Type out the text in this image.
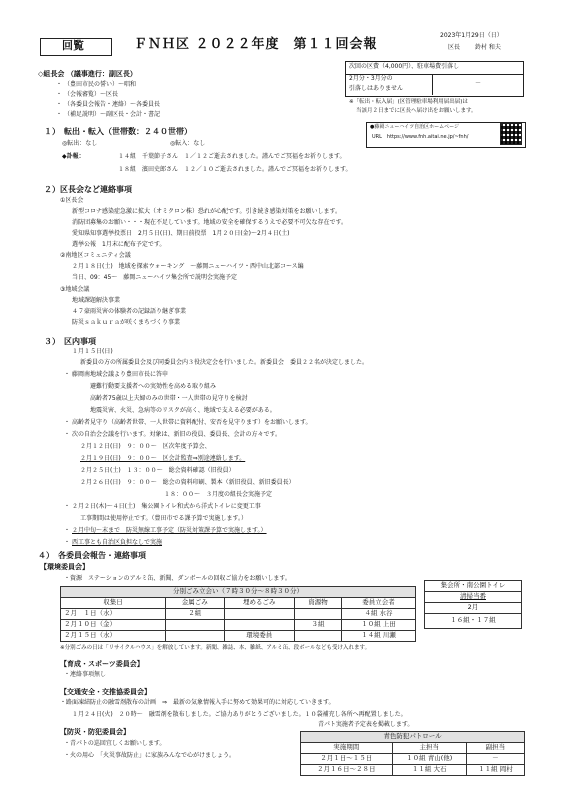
回覧	ＦＮＨ区 ２０２２年度　第１１回会報
2023年1月29日（日）
区長 鈴村 和夫
次回の区費（4,000円）、駐車場費引落し
2月分・3月分の
引落しはありません
－
※「転出・転入届」(区管理駐車場利用届出届)は
当該月２日までに区長へ届け出をお願いします。
●藤岡ニューハイツ自治区ホームページ
URL　https://www.fnh.aitai.ne.jp/~fnh/
◇組長会 （議事進行：副区長）
（豊田市民の誓い）〜唱和
（会報審覧）〜区長
（各委員会報告・連絡）〜各委員長
（補足説明）〜副区長・会計・書記
・
・
・
・
１）　転出・転入（世帯数：２４０世帯）
◎転出：なし	◎転入：なし
◆訃報：	１４組　千葉節子さん　１／１２ご逝去されました。謹んでご冥福をお祈りします。
１８組　濱田史郎さん　１２／１０ご逝去されました。謹んでご冥福をお祈りします。
２）区長会など連絡事項
①区長会
新型コロナ感染症急激に拡大（オミクロン株）恐れが心配です。引き続き感染対策をお願いします。
消防団募集のお願い・・・現在不足しています。地域の安全を確保するうえで必要不可欠な存在です。
愛知県知事選挙投票日　2月５日(日)、期日前投票　1月２０日(金)〜2月４日(土)
選挙公報　1月末に配布予定です。
②南地区コミュニティ会議
２月１８日(土)　地域を探索ウォーキング　〜藤岡ニューハイツ・西中山北部コース編
当日、09：45〜　藤岡ニューハイツ集会所で説明会実施予定
③地域会議
地域課題解決事業
４７豪雨災害の体験者の記録語り継ぎ事業
防災ｓａｋｕｒａが咲くまちづくり事業
３）　区内事項
１月１５日(日)
新委員の方の所属委員会及び同委員会内３役決定会を行いました。新委員会　委員２２名が決定しました。
藤岡南地域会議より豊田市長に答申
避難行動要支援者への実効性を高める取り組み
高齢者75歳以上夫婦のみの世帯・一人世帯の見守りを検討
地震災害、火災、急病等のリスクが高く、地域で支える必要がある。
高齢者見守り（高齢者世帯、一人世帯に資料配付、安否を見守ります）をお願いします。
次の自治会会議を行います。対象は、新旧の役員、委員長、会計の方々です。
２月１２日(日)　９：００〜　区次年度予算会、
２月１９日(日)　９：００〜　区会計監査⇒別途連絡します。
２月２５日(土)　１３：００〜　総会資料確認（旧役員）
２月２６日(日)　９：００〜　総会の資料印刷、製本（新旧役員、新旧委員長）
１８：００〜　３月度の組長会実施予定
２月２日(木)〜４日(土)　集公園トイレ和式から洋式トイレに変更工事
工事期間は使用停止です。（豊田市でる課予算で実施します。）
２月中旬〜末まで　防災無線工事予定（防災対策課予算で実施します。）
西工事とも自治区負担なしで実施
・
・
・
・
・
・
４）　各委員会報告・連絡事項
【環境委員会】
・資源　ステーションのアルミ缶、新聞、ダンボールの回収ご協力をお願いします。
分別ごみ立会い（７時３０分〜８時３０分）				
収集日	金属ごみ	埋めるごみ	資源物	委員立会者
２月　１日（水）	２組			４組 水谷
２月１０日（金）			３組	１０組 上田
２月１５日（水）		環境委員		１４組 川瀬
集会所・南公園トイレ
清掃当番
2月
１６組・１７組
※分別ごみの日は「リサイクルハウス」を解放しています。新聞、雑誌、本、雑紙、アルミ缶、段ボールなども受け入れます。
【育成・スポーツ委員会】
・連絡事項無し
【交通安全・交推協委員会】
・路面凍結防止の融雪剤散布の計画　⇒　最新の気象情報入手に努めて効果可的に対応していきます。
１月２４日(火)　２０時〜　融雪剤を散布しました。ご協力ありがとうございました。１０袋補充し各所へ再配置しました。
【防災・防犯委員会】
・青パトの巡回宜しくお願いします。
・火の用心　「火災事故防止」に家族みんなで心がけましょう。
青パト実施者予定表を掲載します。
青色防犯パトロール		
実施期間	主担当	副担当
２月１日〜１５日	１０組 青山(他)	－
２月１６日〜２８日	１１組 大石	１１組 岡村
